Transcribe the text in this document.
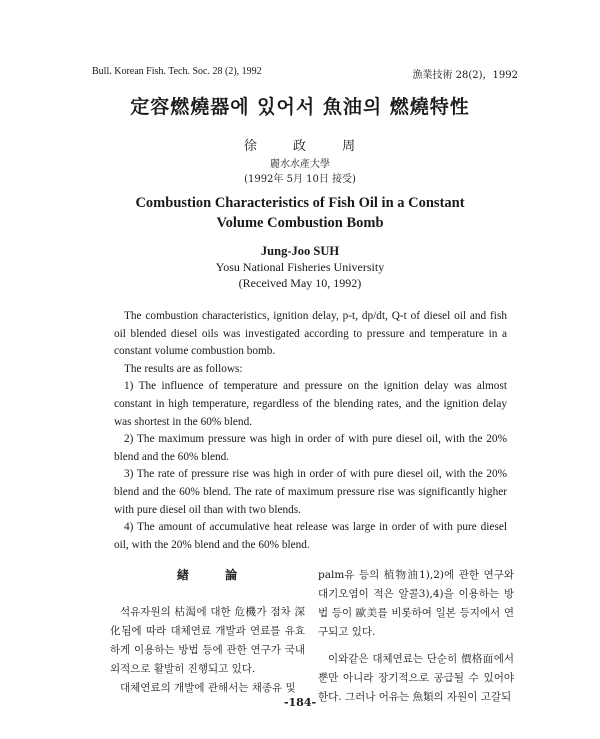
Bull. Korean Fish. Tech. Soc. 28 (2), 1992	漁業技術 28(2)，1992
定容燃燒器에 있어서 魚油의 燃燒特性
徐 政 周
麗水水產大學
(1992年 5月 10日 接受)
Combustion Characteristics of Fish Oil in a Constant
Volume Combustion Bomb
Jung-Joo SUH
Yosu National Fisheries University
(Received May 10, 1992)

The combustion characteristics, ignition delay, p-t, dp/dt, Q-t of diesel oil and fish oil blended diesel oils was investigated according to pressure and temperature in a constant volume combustion bomb.

The results are as follows:

1) The influence of temperature and pressure on the ignition delay was almost constant in high temperature, regardless of the blending rates, and the ignition delay was shortest in the 60% blend.

2) The maximum pressure was high in order of with pure diesel oil, with the 20% blend and the 60% blend.

3) The rate of pressure rise was high in order of with pure diesel oil, with the 20% blend and the 60% blend. The rate of maximum pressure rise was significantly higher with pure diesel oil than with two blends.

4) The amount of accumulative heat release was large in order of with pure diesel oil, with the 20% blend and the 60% blend.

緖 論

석유자원의 枯渴에 대한 危機가 점차 深化됨에 따라 대체연료 개발과 연료를 유효하게 이용하는 방법 등에 관한 연구가 국내외적으로 활발히 진행되고 있다.

대체연료의 개발에 관해서는 채종유 및

palm유 등의 植物油1),2)에 관한 연구와 대기오염이 적은 알콜3),4)을 이용하는 방법 등이 歐美를 비롯하여 일본 등지에서 연구되고 있다.

이와같은 대체연료는 단순히 價格面에서 뿐만 아니라 장기적으로 공급될 수 있어야 한다. 그러나 어유는 魚類의 자원이 고갈되

-184-
